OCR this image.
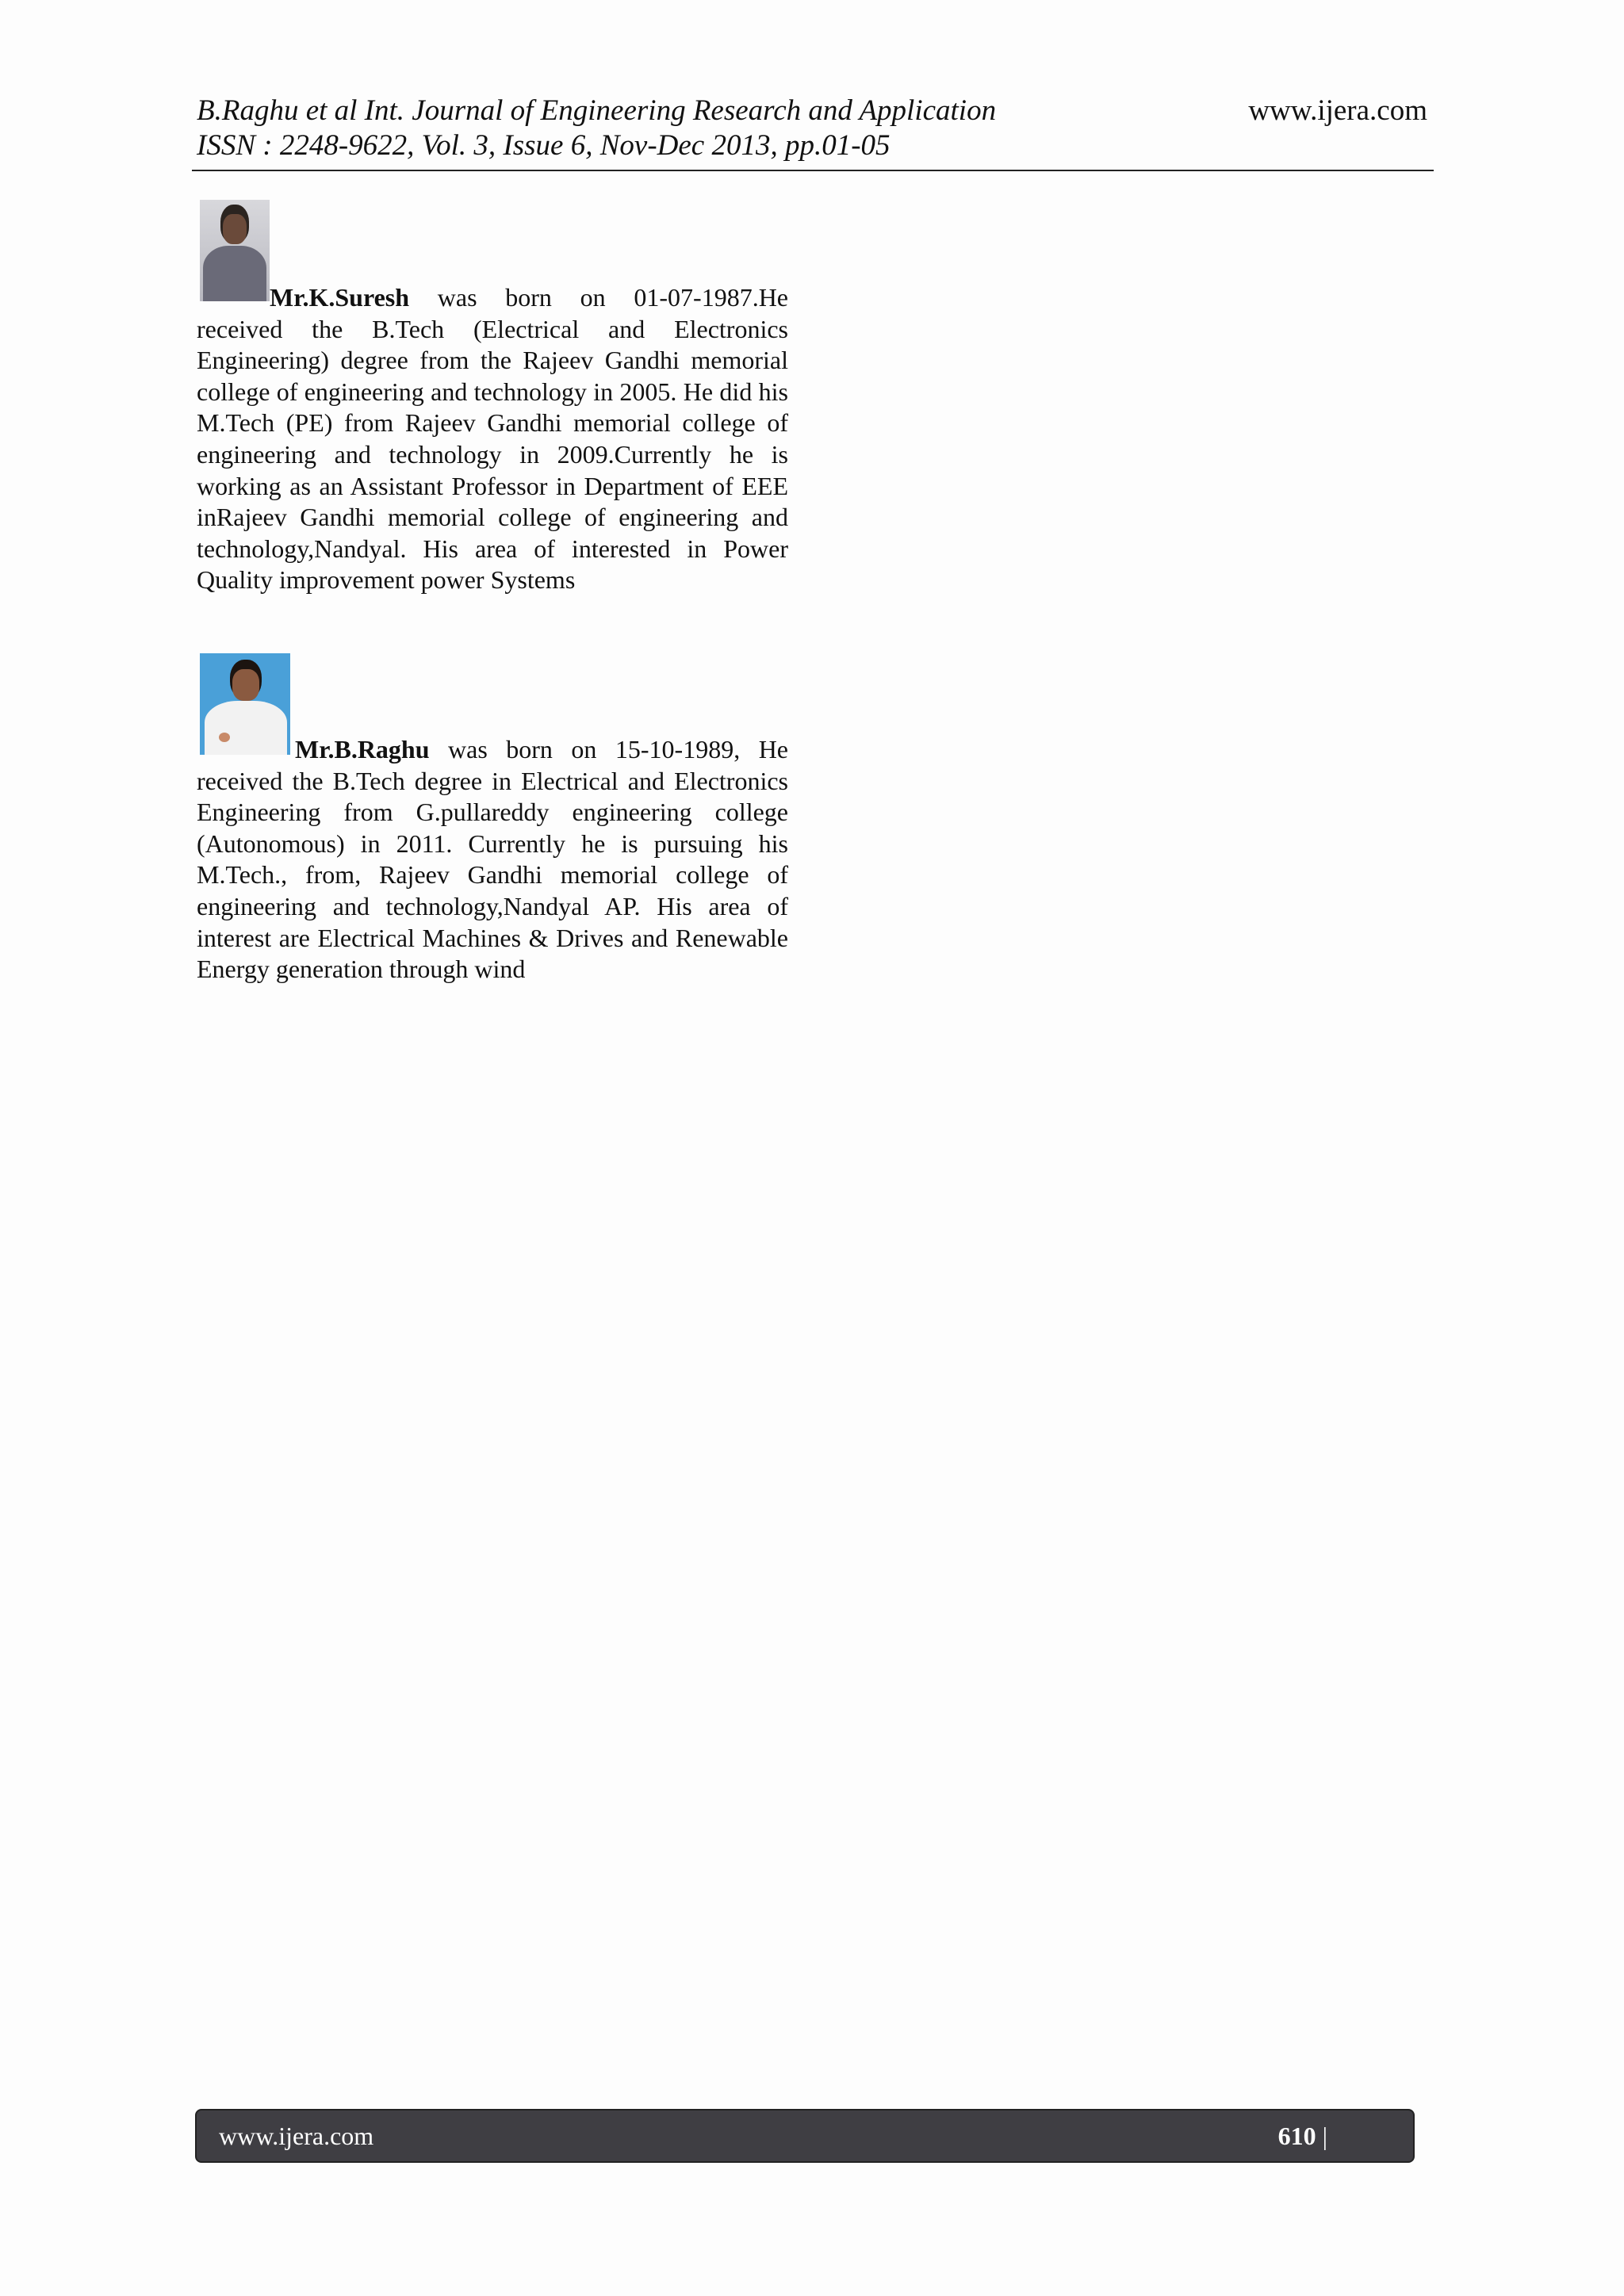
B.Raghu et al Int. Journal of Engineering Research and Application	www.ijera.com
ISSN : 2248-9622, Vol. 3, Issue 6, Nov-Dec 2013, pp.01-05

Mr.K.Suresh was born on 01-07-1987.He received the B.Tech (Electrical and Electronics Engineering) degree from the Rajeev Gandhi memorial college of engineering and technology in 2005. He did his M.Tech (PE) from Rajeev Gandhi memorial college of engineering and technology in 2009.Currently he is working as an Assistant Professor in Department of EEE inRajeev Gandhi memorial college of engineering and technology,Nandyal. His area of interested in Power Quality improvement power Systems

Mr.B.Raghu was born on 15-10-1989, He received the B.Tech degree in Electrical and Electronics Engineering from G.pullareddy engineering college (Autonomous) in 2011. Currently he is pursuing his M.Tech., from, Rajeev Gandhi memorial college of engineering and technology,Nandyal AP. His area of interest are Electrical Machines & Drives and Renewable Energy generation through wind

www.ijera.com	610 |
